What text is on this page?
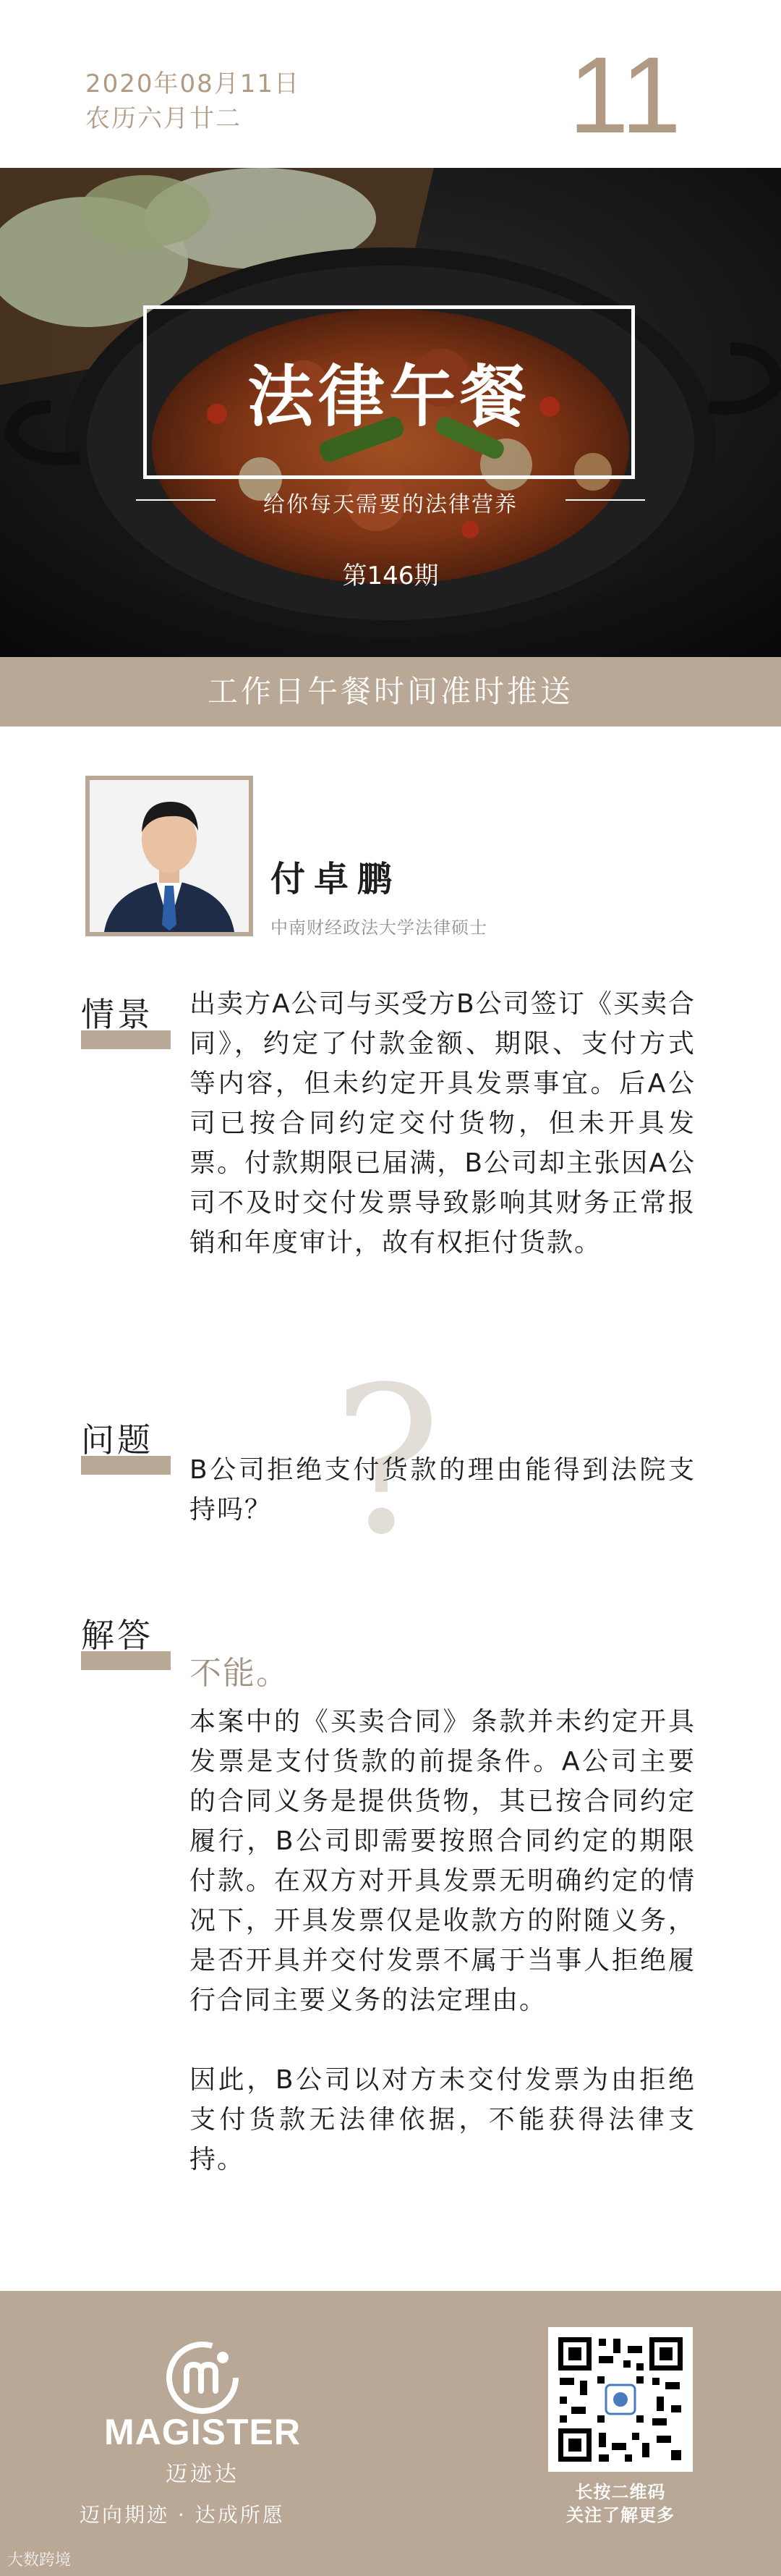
2020年08月11日
农历六月廿二	11
法律午餐
给你每天需要的法律营养
第146期
工作日午餐时间准时推送
付卓鹏
中南财经政法大学法律硕士
情景	出卖方A公司与买受方B公司签订《买卖合同》，约定了付款金额、期限、支付方式等内容，但未约定开具发票事宜。后A公司已按合同约定交付货物，但未开具发票。付款期限已届满，B公司却主张因A公司不及时交付发票导致影响其财务正常报销和年度审计，故有权拒付货款。
?
问题
B公司拒绝支付货款的理由能得到法院支持吗？
解答
不能。
本案中的《买卖合同》条款并未约定开具发票是支付货款的前提条件。A公司主要的合同义务是提供货物，其已按合同约定履行，B公司即需要按照合同约定的期限付款。在双方对开具发票无明确约定的情况下，开具发票仅是收款方的附随义务，是否开具并交付发票不属于当事人拒绝履行合同主要义务的法定理由。

因此，B公司以对方未交付发票为由拒绝支付货款无法律依据，不能获得法律支持。
MAGISTER
迈迹达
迈向期迹 · 达成所愿
长按二维码
关注了解更多
大数跨境
